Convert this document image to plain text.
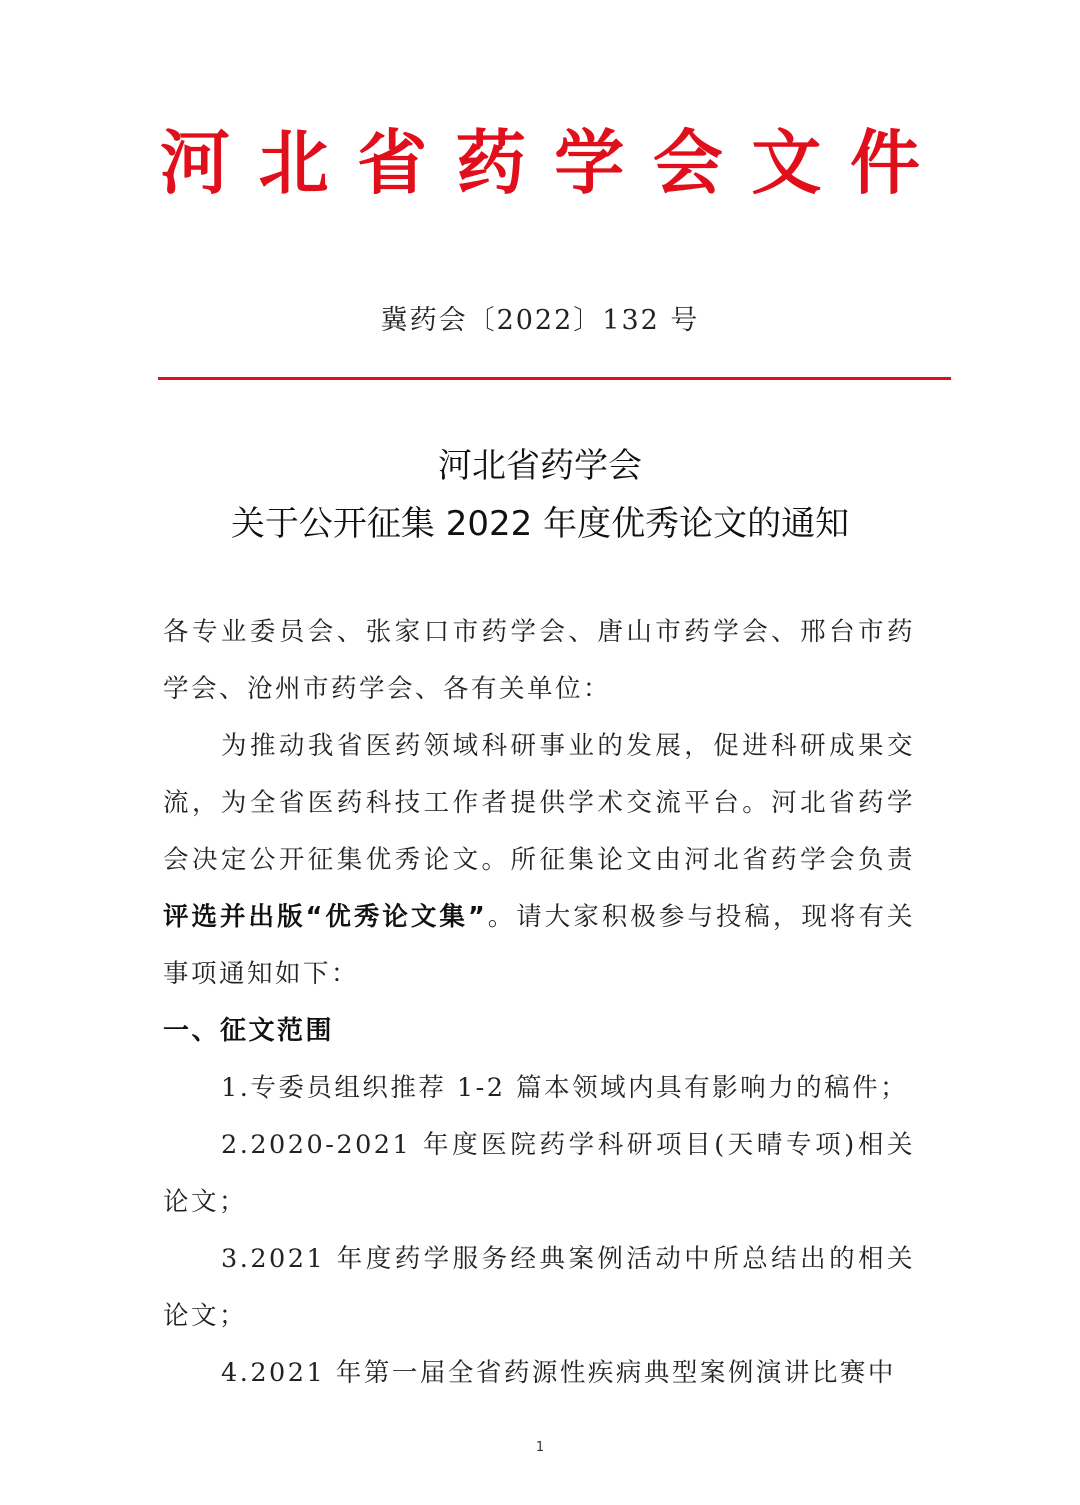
河 北 省 药 学 会 文 件
冀药会〔2022〕132 号
河北省药学会
关于公开征集 2022 年度优秀论文的通知

各专业委员会、张家口市药学会、唐山市药学会、邢台市药学会、沧州市药学会、各有关单位：

为推动我省医药领域科研事业的发展，促进科研成果交流，为全省医药科技工作者提供学术交流平台。河北省药学会决定公开征集优秀论文。所征集论文由河北省药学会负责评选并出版“优秀论文集”。请大家积极参与投稿，现将有关事项通知如下：

一、征文范围

1.专委员组织推荐 1-2 篇本领域内具有影响力的稿件；

2.2020-2021 年度医院药学科研项目(天晴专项)相关论文；

3.2021 年度药学服务经典案例活动中所总结出的相关论文；

4.2021 年第一届全省药源性疾病典型案例演讲比赛中

1
